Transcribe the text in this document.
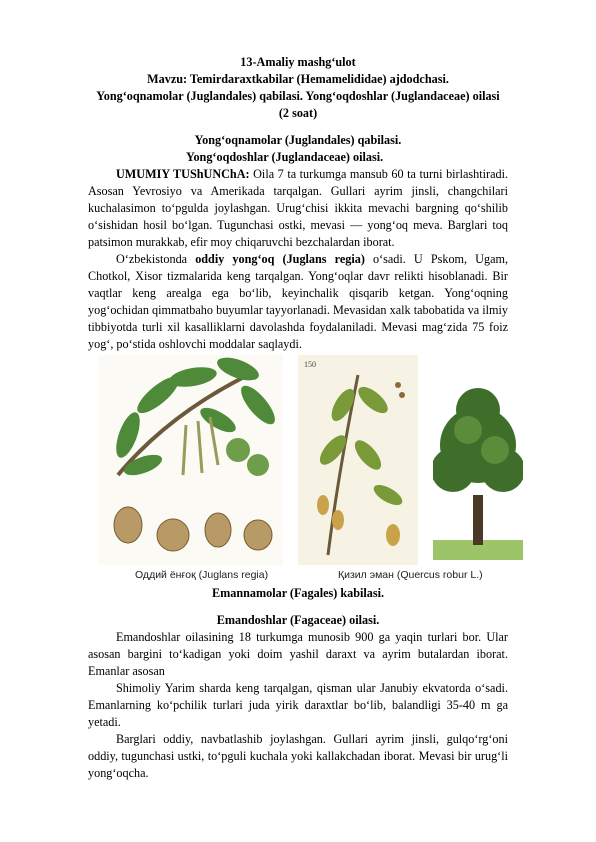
13-Amaliy mashg‘ulot
Mavzu: Temirdaraxtkabilar (Hemamelididae) ajdodchasi.
Yong‘oqnamolar (Juglandales) qabilasi. Yong‘oqdoshlar (Juglandaceae) oilasi
(2 soat)
Yong‘oqnamolar (Juglandales) qabilasi.
Yong‘oqdoshlar (Juglandaceae) oilasi.

UMUMIY TUShUNChA: Oila 7 ta turkumga mansub 60 ta turni birlashtiradi. Asosan Yevrosiyo va Amerikada tarqalgan. Gullari ayrim jinsli, changchilari kuchalasimon to‘pgulda joylashgan. Urug‘chisi ikkita mevachi bargning qo‘shilib o‘sishidan hosil bo‘lgan. Tugunchasi ostki, mevasi — yong‘oq meva. Barglari toq patsimon murakkab, efir moy chiqaruvchi bezchalardan iborat.

O‘zbekistonda oddiy yong‘oq (Juglans regia) o‘sadi. U Pskom, Ugam, Chotkol, Xisor tizmalarida keng tarqalgan. Yong‘oqlar davr relikti hisoblanadi. Bir vaqtlar keng arealga ega bo‘lib, keyinchalik qisqarib ketgan. Yong‘oqning yog‘ochidan qimmatbaho buyumlar tayyorlanadi. Mevasidan xalk tabobatida va ilmiy tibbiyotda turli xil kasalliklarni davolashda foydalaniladi. Mevasi mag‘zida 75 foiz yog‘, po‘stida oshlovchi moddalar saqlaydi.

150
Оддий ёнғоқ (Juglans regia)	Қизил эман (Quercus robur L.)
Emannamolar (Fagales) kabilasi.
Emandoshlar (Fagaceae) oilasi.

Emandoshlar oilasining 18 turkumga munosib 900 ga yaqin turlari bor. Ular asosan bargini to‘kadigan yoki doim yashil daraxt va ayrim butalardan iborat. Emanlar asosan

Shimoliy Yarim sharda keng tarqalgan, qisman ular Janubiy ekvatorda o‘sadi. Emanlarning ko‘pchilik turlari juda yirik daraxtlar bo‘lib, balandligi 35-40 m ga yetadi.

Barglari oddiy, navbatlashib joylashgan. Gullari ayrim jinsli, gulqo‘rg‘oni oddiy, tugunchasi ustki, to‘pguli kuchala yoki kallakchadan iborat. Mevasi bir urug‘li yong‘oqcha.
